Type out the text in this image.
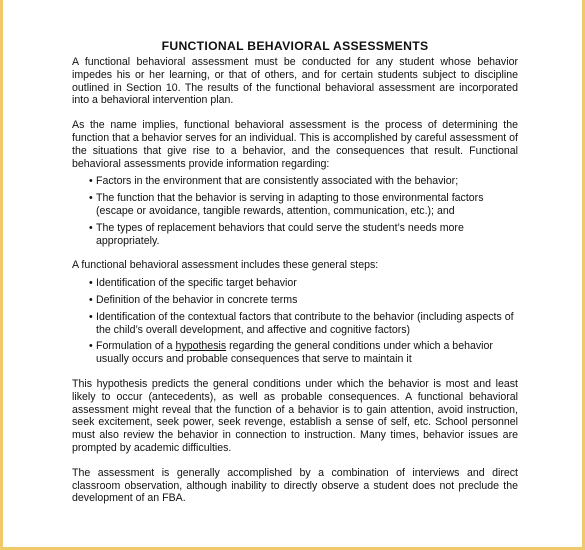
FUNCTIONAL BEHAVIORAL ASSESSMENTS

A functional behavioral assessment must be conducted for any student whose behavior impedes his or her learning, or that of others, and for certain students subject to discipline outlined in Section 10. The results of the functional behavioral assessment are incorporated into a behavioral intervention plan.

As the name implies, functional behavioral assessment is the process of determining the function that a behavior serves for an individual. This is accomplished by careful assessment of the situations that give rise to a behavior, and the consequences that result. Functional behavioral assessments provide information regarding:

• Factors in the environment that are consistently associated with the behavior;
• The function that the behavior is serving in adapting to those environmental factors (escape or avoidance, tangible rewards, attention, communication, etc.); and
• The types of replacement behaviors that could serve the student’s needs more appropriately.

A functional behavioral assessment includes these general steps:

• Identification of the specific target behavior
• Definition of the behavior in concrete terms
• Identification of the contextual factors that contribute to the behavior (including aspects of the child’s overall development, and affective and cognitive factors)
• Formulation of a hypothesis regarding the general conditions under which a behavior usually occurs and probable consequences that serve to maintain it

This hypothesis predicts the general conditions under which the behavior is most and least likely to occur (antecedents), as well as probable consequences. A functional behavioral assessment might reveal that the function of a behavior is to gain attention, avoid instruction, seek excitement, seek power, seek revenge, establish a sense of self, etc. School personnel must also review the behavior in connection to instruction. Many times, behavior issues are prompted by academic difficulties.

The assessment is generally accomplished by a combination of interviews and direct classroom observation, although inability to directly observe a student does not preclude the development of an FBA.
